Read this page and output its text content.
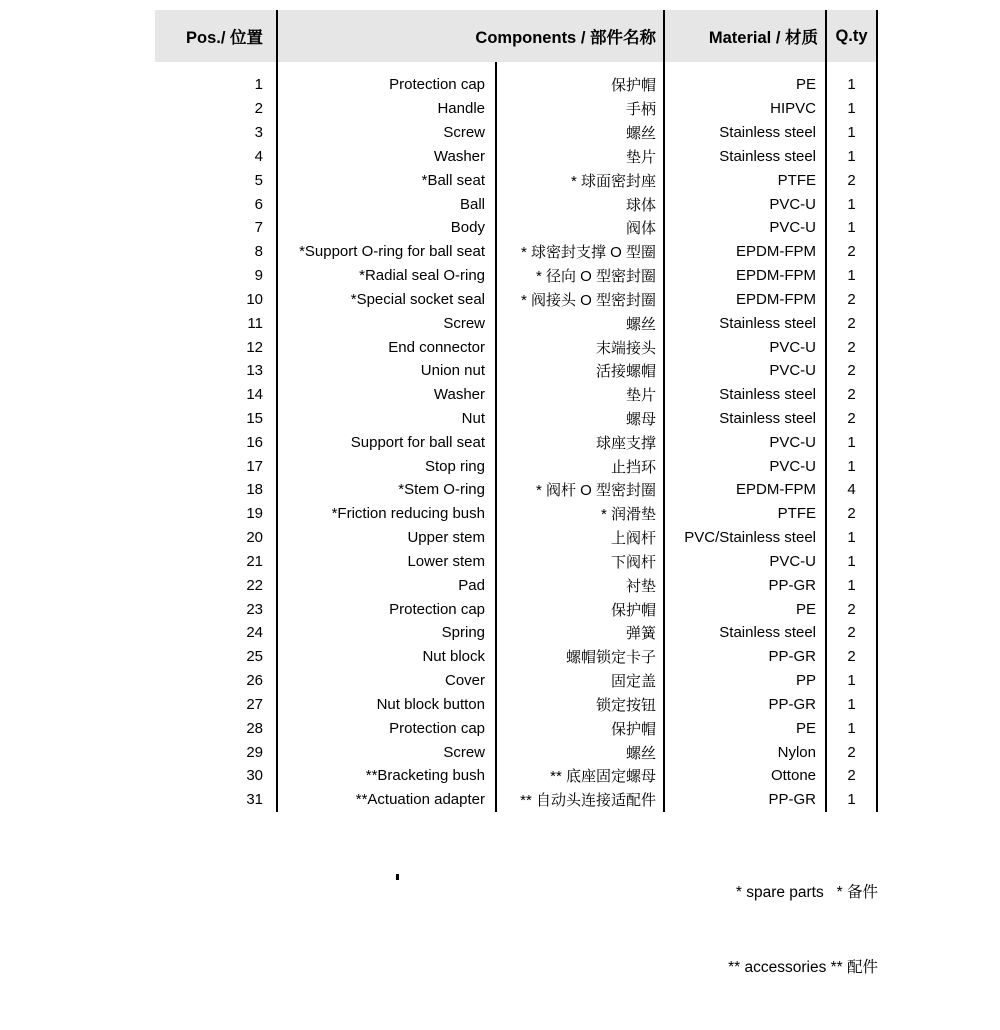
Pos./ 位置	Components / 部件名称	Material / 材质	Q.ty
1	Protection cap	保护帽	PE	1
2	Handle	手柄	HIPVC	1
3	Screw	螺丝	Stainless steel	1
4	Washer	垫片	Stainless steel	1
5	*Ball seat	* 球面密封座	PTFE	2
6	Ball	球体	PVC-U	1
7	Body	阀体	PVC-U	1
8	*Support O-ring for ball seat	* 球密封支撑 O 型圈	EPDM-FPM	2
9	*Radial seal O-ring	* 径向 O 型密封圈	EPDM-FPM	1
10	*Special socket seal	* 阀接头 O 型密封圈	EPDM-FPM	2
11	Screw	螺丝	Stainless steel	2
12	End connector	末端接头	PVC-U	2
13	Union nut	活接螺帽	PVC-U	2
14	Washer	垫片	Stainless steel	2
15	Nut	螺母	Stainless steel	2
16	Support for ball seat	球座支撑	PVC-U	1
17	Stop ring	止挡环	PVC-U	1
18	*Stem O-ring	* 阀杆 O 型密封圈	EPDM-FPM	4
19	*Friction reducing bush	* 润滑垫	PTFE	2
20	Upper stem	上阀杆	PVC/Stainless steel	1
21	Lower stem	下阀杆	PVC-U	1
22	Pad	衬垫	PP-GR	1
23	Protection cap	保护帽	PE	2
24	Spring	弹簧	Stainless steel	2
25	Nut block	螺帽锁定卡子	PP-GR	2
26	Cover	固定盖	PP	1
27	Nut block button	锁定按钮	PP-GR	1
28	Protection cap	保护帽	PE	1
29	Screw	螺丝	Nylon	2
30	**Bracketing bush	** 底座固定螺母	Ottone	2
31	**Actuation adapter	** 自动头连接适配件	PP-GR	1

* spare parts   * 备件

** accessories ** 配件
